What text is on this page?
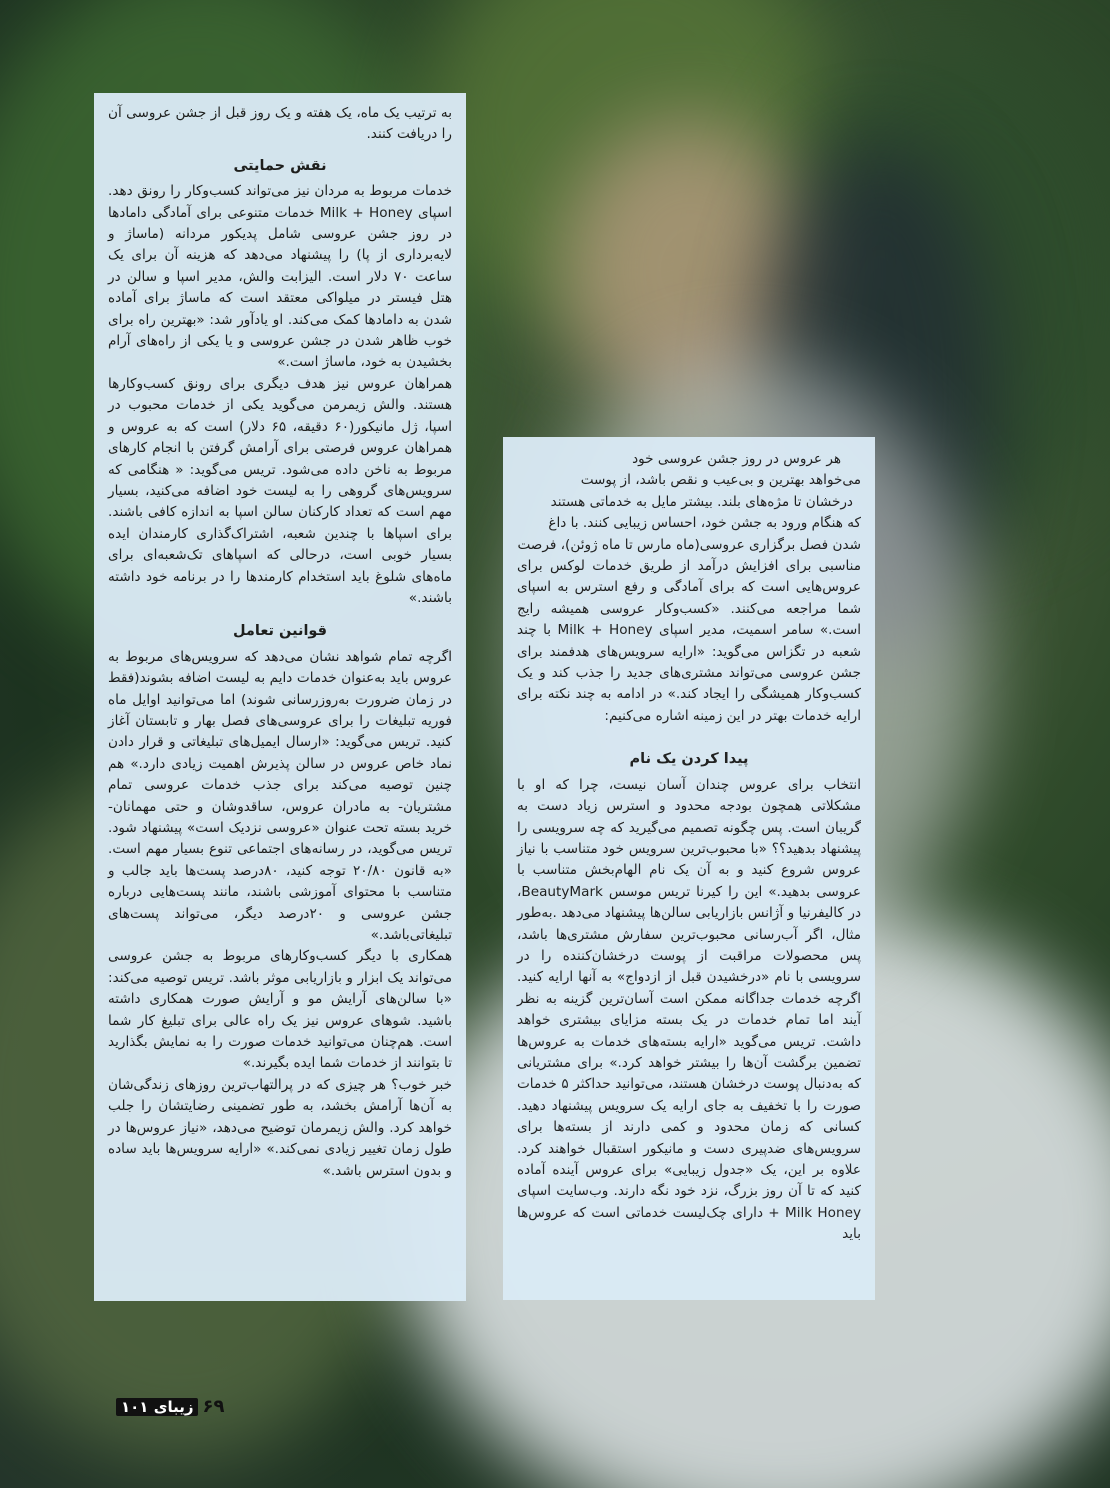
به ترتیب یک ماه، یک هفته و یک روز قبل از جشن عروسی آن را دریافت کنند.

نقش حمایتی

خدمات مربوط به مردان نیز می‌تواند کسب‌وکار را رونق دهد. اسپای Milk + Honey خدمات متنوعی برای آمادگی دامادها در روز جشن عروسی شامل پدیکور مردانه (ماساژ و لایه‌برداری از پا) را پیشنهاد می‌دهد که هزینه آن برای یک ساعت ۷۰ دلار است. الیزابت والش، مدیر اسپا و سالن در هتل فیستر در میلواکی معتقد است که ماساژ برای آماده شدن به دامادها کمک می‌کند. او یادآور شد: «بهترین راه برای خوب ظاهر شدن در جشن عروسی و یا یکی از راه‌های آرام بخشیدن به خود، ماساژ است.»

همراهان عروس نیز هدف دیگری برای رونق کسب‌وکارها هستند. والش زیمرمن می‌گوید یکی از خدمات محبوب در اسپا، ژل مانیکور(۶۰ دقیقه، ۶۵ دلار) است که به عروس و همراهان عروس فرصتی برای آرامش گرفتن با انجام کارهای مربوط به ناخن داده می‌شود. تریس می‌گوید: « هنگامی که سرویس‌های گروهی را به لیست خود اضافه می‌کنید، بسیار مهم است که تعداد کارکنان سالن اسپا به اندازه کافی باشند. برای اسپاها با چندین شعبه، اشتراک‌گذاری کارمندان ایده بسیار خوبی است، درحالی که اسپاهای تک‌شعبه‌ای برای ماه‌های شلوغ باید استخدام کارمندها را در برنامه خود داشته باشند.»

قوانین تعامل

اگرچه تمام شواهد نشان می‌دهد که سرویس‌های مربوط به عروس باید به‌عنوان خدمات دایم به لیست اضافه بشوند(فقط در زمان ضرورت به‌روزرسانی شوند) اما می‌توانید اوایل ماه فوریه تبلیغات را برای عروسی‌های فصل بهار و تابستان آغاز کنید. تریس می‌گوید: «ارسال ایمیل‌های تبلیغاتی و قرار دادن نماد خاص عروس در سالن پذیرش اهمیت زیادی دارد.» هم چنین توصیه می‌کند برای جذب خدمات عروسی تمام مشتریان- به مادران عروس، ساقدوشان و حتی مهمانان- خرید بسته تحت عنوان «عروسی نزدیک است» پیشنهاد شود. تریس می‌گوید، در رسانه‌های اجتماعی تنوع بسیار مهم است. «به قانون ۲۰/۸۰ توجه کنید، ۸۰درصد پست‌ها باید جالب و متناسب با محتوای آموزشی باشند، مانند پست‌هایی درباره جشن عروسی و ۲۰درصد دیگر، می‌تواند پست‌های تبلیغاتی‌باشد.»

همکاری با دیگر کسب‌وکارهای مربوط به جشن عروسی می‌تواند یک ابزار و بازاریابی موثر باشد. تریس توصیه می‌کند: «با سالن‌های آرایش مو و آرایش صورت همکاری داشته باشید. شوهای عروس نیز یک راه عالی برای تبلیغ کار شما است. هم‌چنان می‌توانید خدمات صورت را به نمایش بگذارید تا بتوانند از خدمات شما ایده بگیرند.»

خبر خوب؟ هر چیزی که در پرالتهاب‌ترین روزهای زندگی‌شان به آن‌ها آرامش بخشد، به طور تضمینی رضایتشان را جلب خواهد کرد. والش زیمرمان توضیح می‌دهد، «نیاز عروس‌ها در طول زمان تغییر زیادی نمی‌کند.» «ارایه سرویس‌ها باید ساده و بدون استرس باشد.»

هر عروس در روز جشن عروسی خود

می‌خواهد بهترین و بی‌عیب و نقص باشد، از پوست

درخشان تا مژه‌های بلند. بیشتر مایل به خدماتی هستند

که هنگام ورود به جشن خود، احساس زیبایی کنند. با داغ

شدن فصل برگزاری عروسی(ماه مارس تا ماه ژوئن)، فرصت

مناسبی برای افزایش درآمد از طریق خدمات لوکس برای عروس‌هایی است که برای آمادگی و رفع استرس به اسپای شما مراجعه می‌کنند. «کسب‌وکار عروسی همیشه رایج است.» سامر اسمیت، مدیر اسپای Milk + Honey با چند شعبه در تگزاس می‌گوید: «ارایه سرویس‌های هدفمند برای جشن عروسی می‌تواند مشتری‌های جدید را جذب کند و یک کسب‌وکار همیشگی را ایجاد کند.» در ادامه به چند نکته برای ارایه خدمات بهتر در این زمینه اشاره می‌کنیم:

پیدا کردن یک نام

انتخاب برای عروس چندان آسان نیست، چرا که او با مشکلاتی همچون بودجه محدود و استرس زیاد دست به گریبان است. پس چگونه تصمیم می‌گیرید که چه سرویسی را پیشنهاد بدهید؟؟ «با محبوب‌ترین سرویس خود متناسب با نیاز عروس شروع کنید و به آن یک نام الهام‌بخش متناسب با عروسی بدهید.» این را کیرنا تریس موسس BeautyMark، در کالیفرنیا و آژانس بازاریابی سالن‌ها پیشنهاد می‌دهد .به‌طور مثال، اگر آب‌رسانی محبوب‌ترین سفارش مشتری‌ها باشد، پس محصولات مراقبت از پوست درخشان‌کننده را در سرویسی با نام «درخشیدن قبل از ازدواج» به آنها ارایه کنید. اگرچه خدمات جداگانه ممکن است آسان‌ترین گزینه به نظر آیند اما تمام خدمات در یک بسته مزایای بیشتری خواهد داشت. تریس می‌گوید «ارایه بسته‌های خدمات به عروس‌ها تضمین برگشت آن‌ها را بیشتر خواهد کرد.» برای مشتریانی که به‌دنبال پوست درخشان هستند، می‌توانید حداکثر ۵ خدمات صورت را با تخفیف به جای ارایه یک سرویس پیشنهاد دهید. کسانی که زمان محدود و کمی دارند از بسته‌ها برای سرویس‌های ضدپیری دست و مانیکور استقبال خواهند کرد. علاوه بر این، یک «جدول زیبایی» برای عروس آینده آماده کنید که تا آن روز بزرگ، نزد خود نگه دارند. وب‌سایت اسپای Milk Honey + دارای چک‌لیست خدماتی است که عروس‌ها باید

۶۹
زیبای ۱۰۱
